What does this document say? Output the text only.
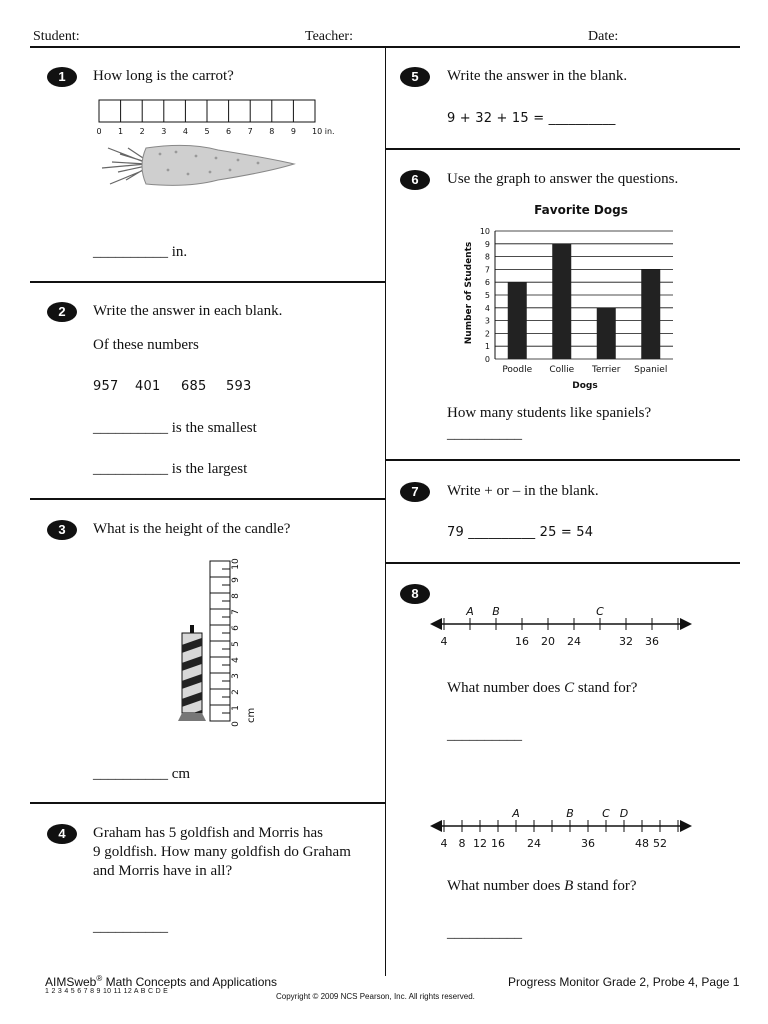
Student:	Teacher:	Date:
1	How long is the carrot?
0 1 2 3 4 5 6 7 8 9 10 in.
__________ in.
2	Write the answer in each blank.
Of these numbers
957 401 685 593
__________ is the smallest
__________ is the largest
3	What is the height of the candle?
0
1
2
3
4
5
6
7
8
9
10
cm
__________ cm
4	Graham has 5 goldfish and Morris has
9 goldfish. How many goldfish do Graham
and Morris have in all?
__________
5	Write the answer in the blank.
9 + 32 + 15 = __________
6	Use the graph to answer the questions.
Favorite Dogs
Number of Students
Dogs
0
1
2
3
4
5
6
7
8
9
10
Poodle Collie Terrier Spaniel
How many students like spaniels?
__________
7	Write + or – in the blank.
79 __________ 25 = 54
8
4	16 20 24	32 36
A B	C
What number does C stand for?
__________
4 8 12 16 24	36	48 52
A	B	C D
What number does B stand for?
__________
AIMSweb® Math Concepts and Applications
1 2 3 4 5 6 7 8 9 10 11 12 A B C D E
Copyright © 2009 NCS Pearson, Inc. All rights reserved.
Progress Monitor Grade 2, Probe 4, Page 1
